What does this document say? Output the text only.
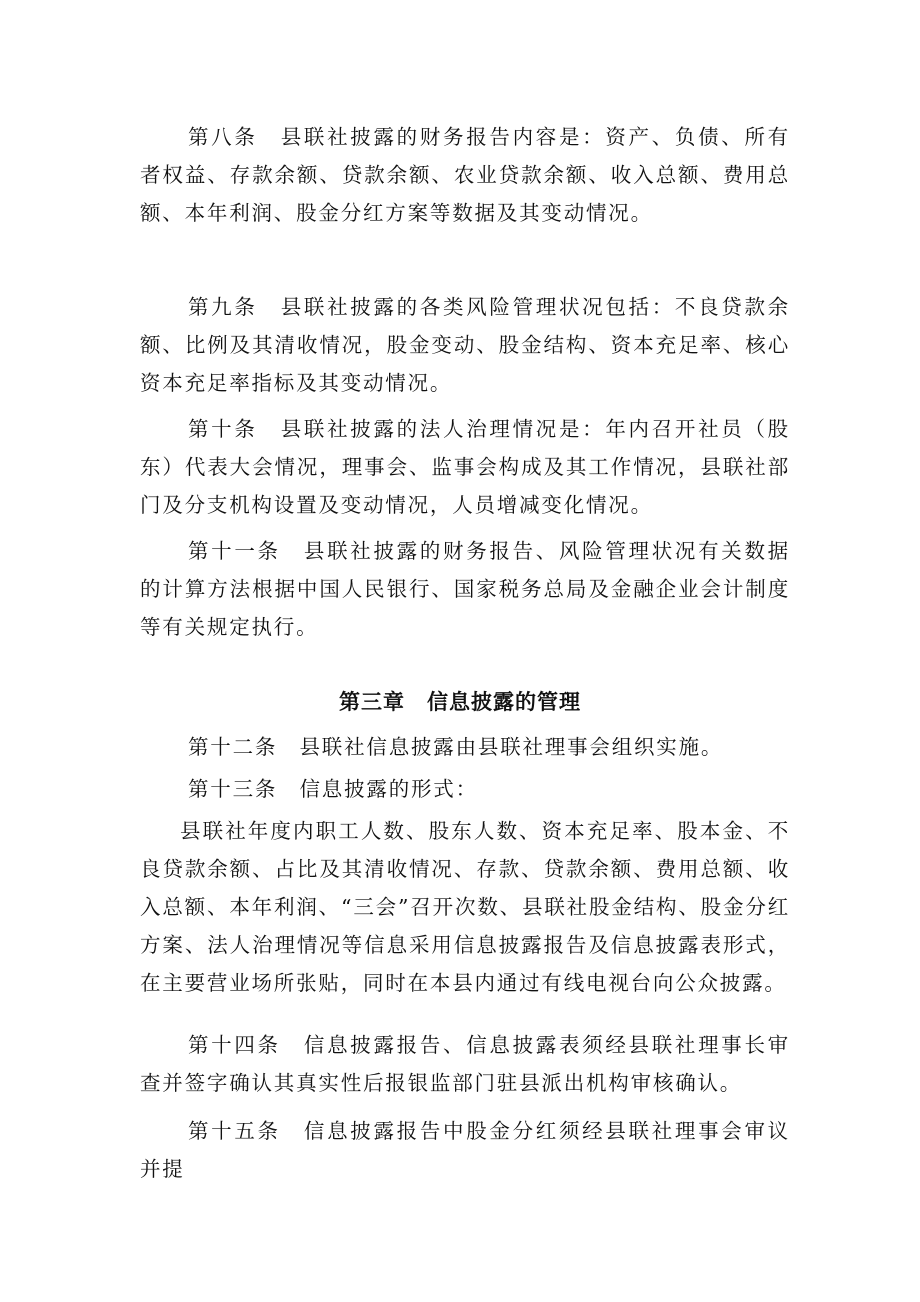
第八条　县联社披露的财务报告内容是：资产、负债、所有者权益、存款余额、贷款余额、农业贷款余额、收入总额、费用总额、本年利润、股金分红方案等数据及其变动情况。

第九条　县联社披露的各类风险管理状况包括：不良贷款余额、比例及其清收情况，股金变动、股金结构、资本充足率、核心资本充足率指标及其变动情况。

第十条　县联社披露的法人治理情况是：年内召开社员（股东）代表大会情况，理事会、监事会构成及其工作情况，县联社部门及分支机构设置及变动情况，人员增减变化情况。

第十一条　县联社披露的财务报告、风险管理状况有关数据的计算方法根据中国人民银行、国家税务总局及金融企业会计制度等有关规定执行。

第三章　信息披露的管理

第十二条　县联社信息披露由县联社理事会组织实施。

第十三条　信息披露的形式：

县联社年度内职工人数、股东人数、资本充足率、股本金、不良贷款余额、占比及其清收情况、存款、贷款余额、费用总额、收入总额、本年利润、“三会”召开次数、县联社股金结构、股金分红方案、法人治理情况等信息采用信息披露报告及信息披露表形式，在主要营业场所张贴，同时在本县内通过有线电视台向公众披露。

第十四条　信息披露报告、信息披露表须经县联社理事长审查并签字确认其真实性后报银监部门驻县派出机构审核确认。

第十五条　信息披露报告中股金分红须经县联社理事会审议并提
